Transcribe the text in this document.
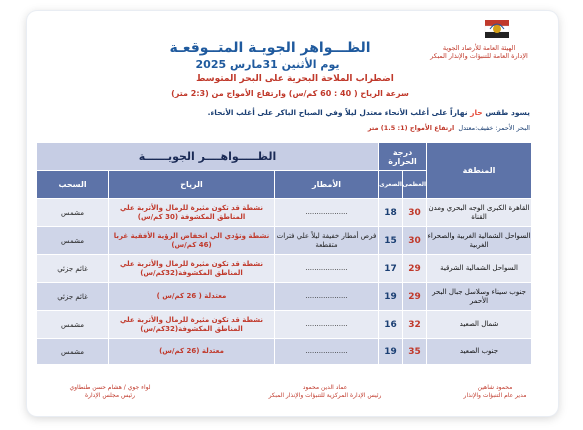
الهيئة العامة للأرصاد الجوية
الإدارة العامة للتنبؤات والإنذار المبكر
الظـــواهر الجويـة المتــوقعـة
يوم الأثنين 31مارس 2025
اضطراب الملاحة البحرية على البحر المتوسط
سرعة الرياح ( 40 : 60 كم/س) وارتفاع الأمواج من (2:3 متر)
يسود طقس حار نهاراً على أغلب الأنحاء معتدل ليلاً وفي الصباح الباكر على أغلب الأنحاء.
البحر الأحمر: خفيف:معتدل  ارتفاع الأمواج (1: 1.5) متر
المنطقة	درجة الحرارة		الظـــــواهــــر الجويــــــة		
	العظمى	الصغرى	الأمطار	الرياح	السحب
القاهرة الكبرى الوجه البحري ومدن القناة	30	18	...................	نشطة قد تكون مثيرة للرمال والأتربة علي المناطق المكشوفة (30 كم/س)	مشمس
السواحل الشمالية الغربية والصحراء الغربية	30	15	فرص أمطار خفيفة ليلاً علي فترات متقطعة	نشطة وتؤدي الي انخفاض الرؤية الأفقية غربا (46 كم/س)	مشمس
السواحل الشمالية الشرقية	29	17	...................	نشطة قد تكون مثيرة للرمال والأتربة علي المناطق المكشوفة(32كم/س)	غائم جزئي
جنوب سيناء وسلاسل جبال البحر الأحمر	29	19	...................	معتدلة ( 26 كم/س )	غائم جزئي
شمال الصعيد	32	16	...................	نشطة قد تكون مثيرة للرمال والأتربة علي المناطق المكشوفة(32كم/س)	مشمس
جنوب الصعيد	35	19	...................	معتدلة (26 كم/س)	مشمس
محمود شاهين
مدير عام التنبؤات والإنذار
عماد الدين محمود
رئيس الإدارة المركزية للتنبؤات والإنذار المبكر
لواء جوي / هشام حسن طنطاوي
رئيس مجلس الإدارة
